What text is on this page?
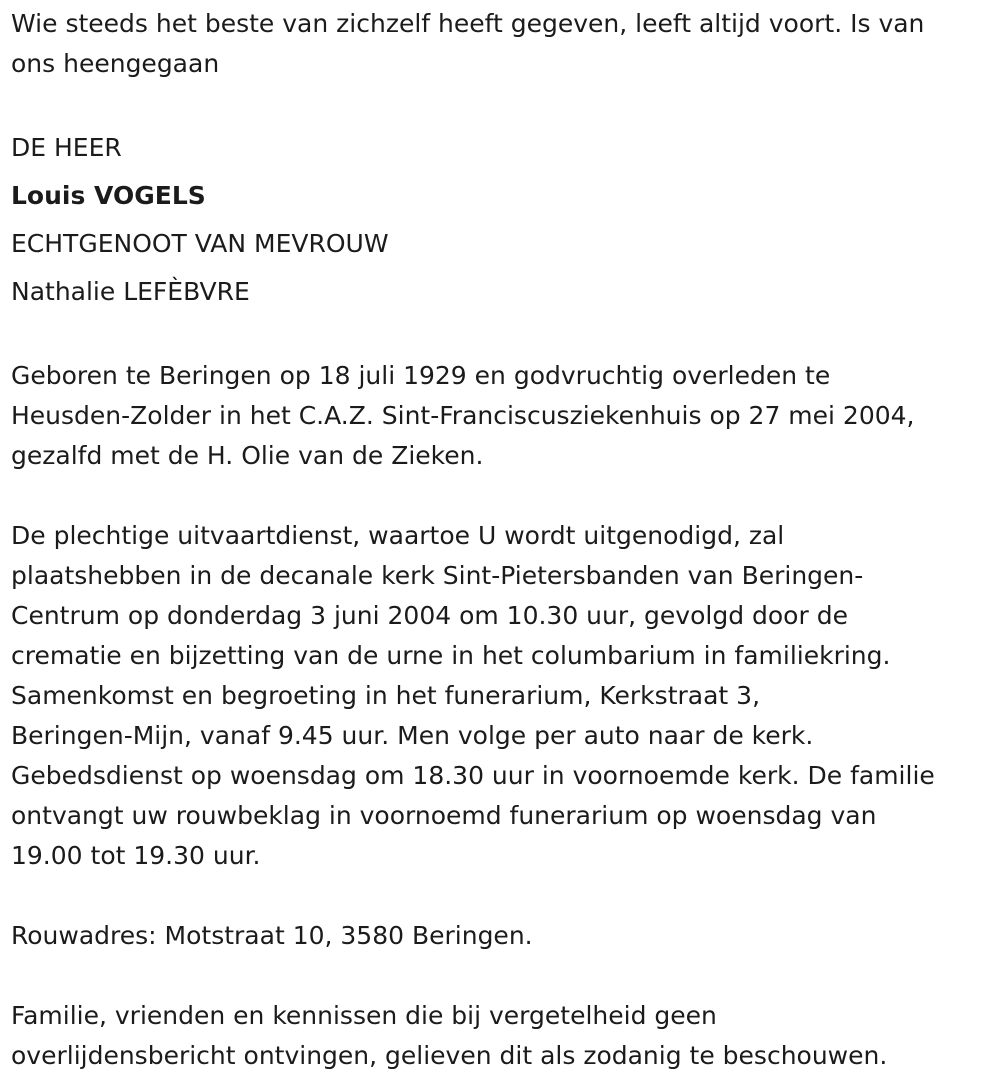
Wie steeds het beste van zichzelf heeft gegeven, leeft altijd voort. Is van
ons heengegaan

DE HEER
Louis VOGELS
ECHTGENOOT VAN MEVROUW
Nathalie LEFÈBVRE

Geboren te Beringen op 18 juli 1929 en godvruchtig overleden te
Heusden-Zolder in het C.A.Z. Sint-Franciscusziekenhuis op 27 mei 2004,
gezalfd met de H. Olie van de Zieken.

De plechtige uitvaartdienst, waartoe U wordt uitgenodigd, zal
plaatshebben in de decanale kerk Sint-Pietersbanden van Beringen-
Centrum op donderdag 3 juni 2004 om 10.30 uur, gevolgd door de
crematie en bijzetting van de urne in het columbarium in familiekring.
Samenkomst en begroeting in het funerarium, Kerkstraat 3,
Beringen-Mijn, vanaf 9.45 uur. Men volge per auto naar de kerk.
Gebedsdienst op woensdag om 18.30 uur in voornoemde kerk. De familie
ontvangt uw rouwbeklag in voornoemd funerarium op woensdag van
19.00 tot 19.30 uur.

Rouwadres: Motstraat 10, 3580 Beringen.

Familie, vrienden en kennissen die bij vergetelheid geen
overlijdensbericht ontvingen, gelieven dit als zodanig te beschouwen.
